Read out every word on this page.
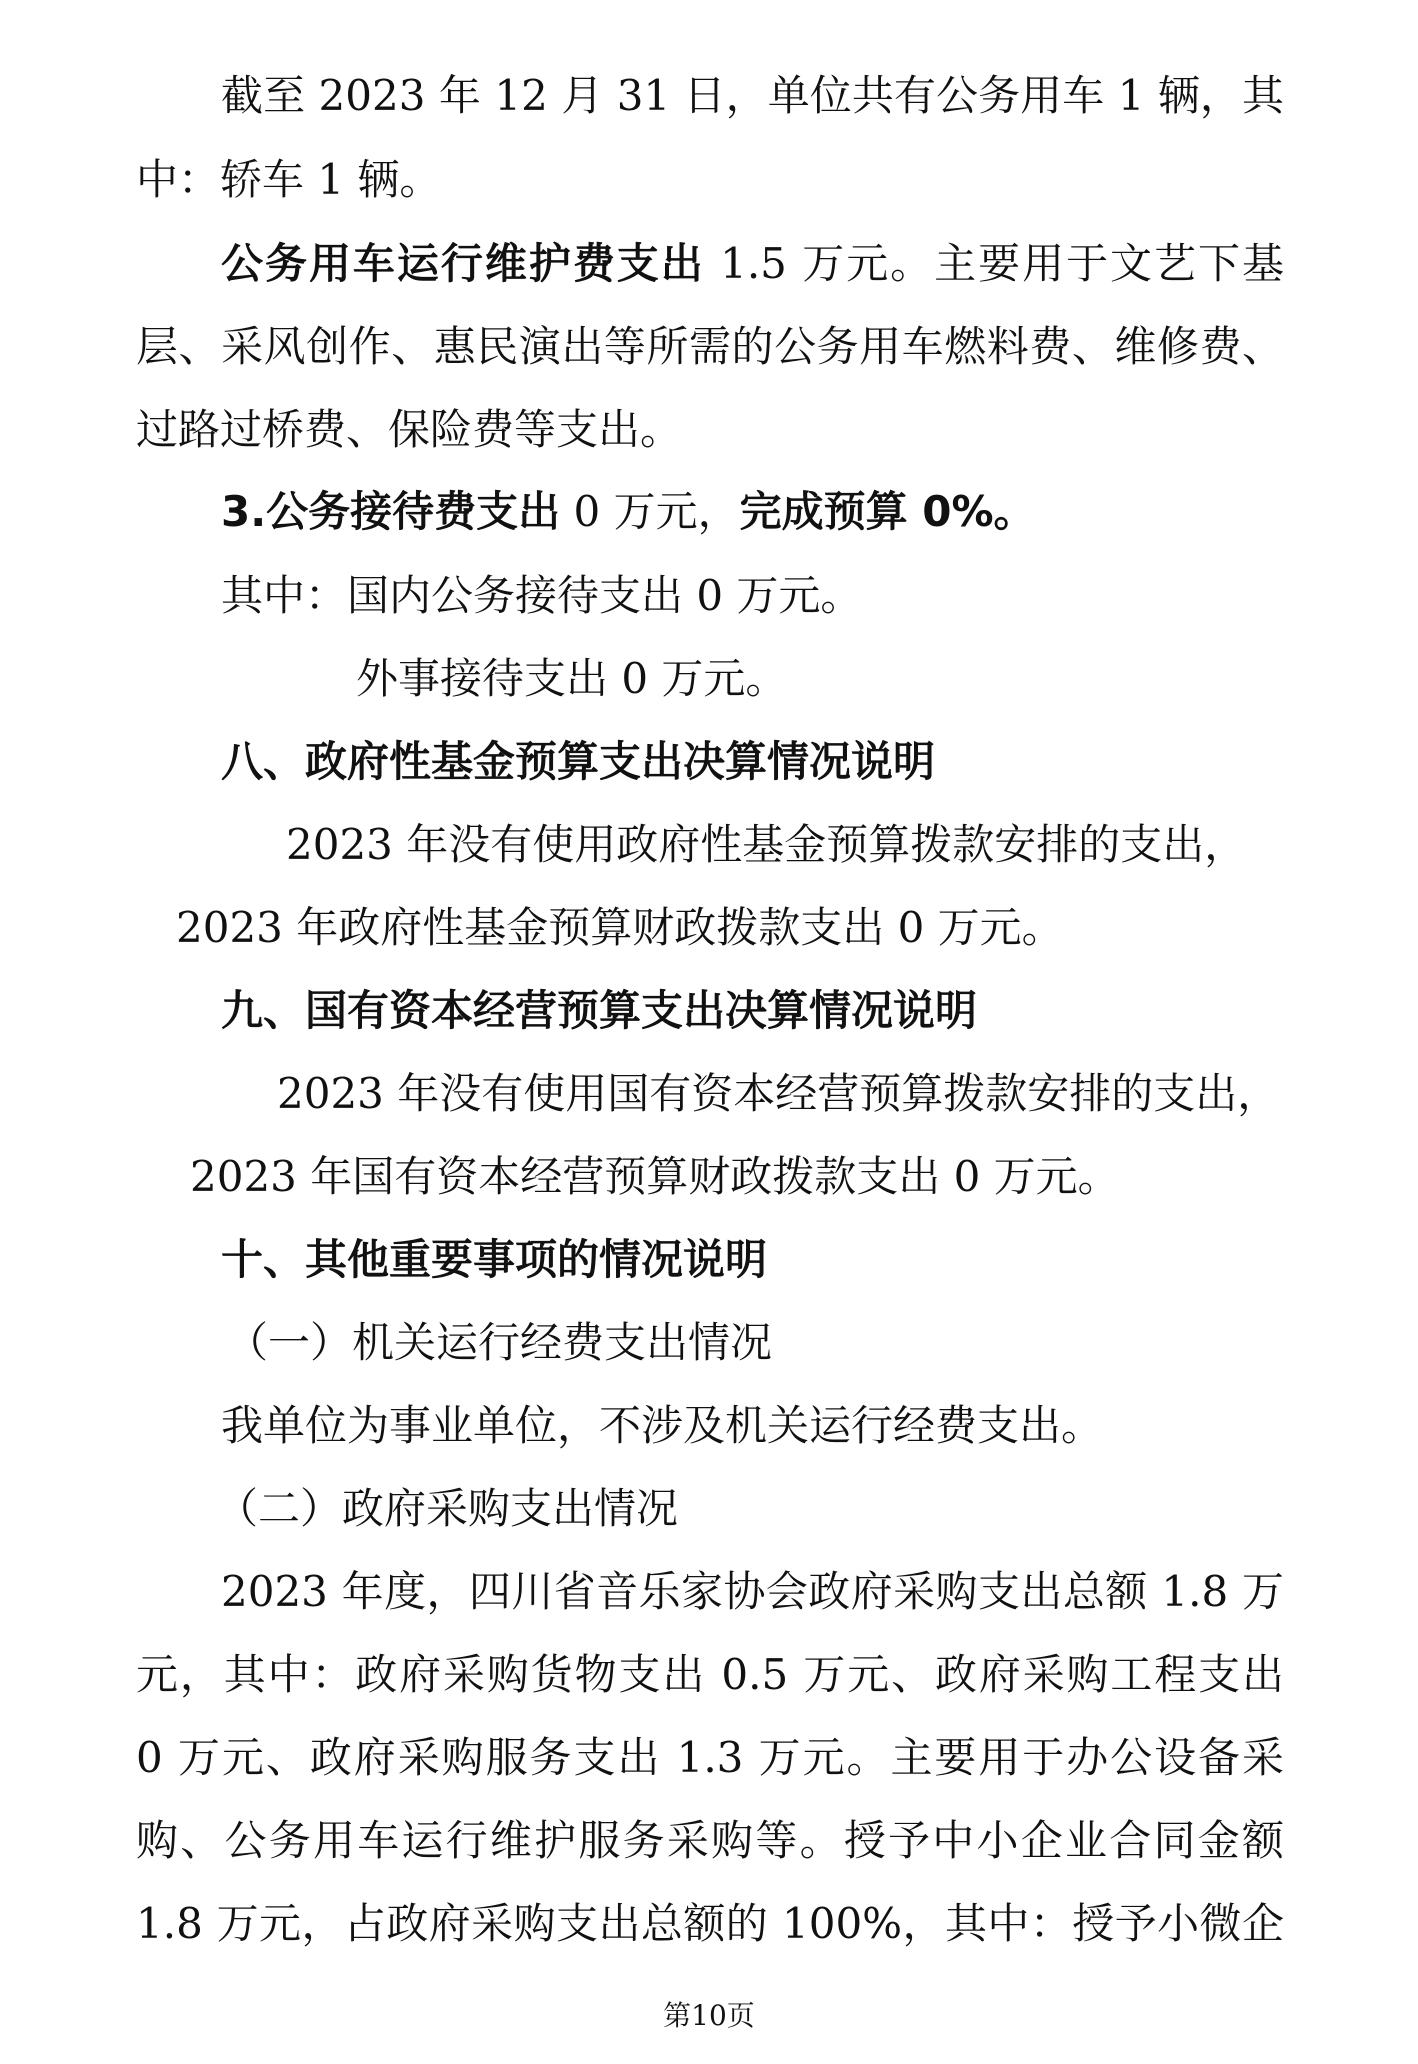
截至 2023 年 12 月 31 日，单位共有公务用车 1 辆，其
中：轿车 1 辆。
公务用车运行维护费支出 1.5 万元。主要用于文艺下基
层、采风创作、惠民演出等所需的公务用车燃料费、维修费、
过路过桥费、保险费等支出。
3.公务接待费支出 0 万元，完成预算 0%。
其中：国内公务接待支出 0 万元。
外事接待支出 0 万元。
八、政府性基金预算支出决算情况说明
2023 年没有使用政府性基金预算拨款安排的支出，
2023 年政府性基金预算财政拨款支出 0 万元。
九、国有资本经营预算支出决算情况说明
2023 年没有使用国有资本经营预算拨款安排的支出，
2023 年国有资本经营预算财政拨款支出 0 万元。
十、其他重要事项的情况说明
（一）机关运行经费支出情况
我单位为事业单位，不涉及机关运行经费支出。
（二）政府采购支出情况
2023 年度，四川省音乐家协会政府采购支出总额 1.8 万
元，其中：政府采购货物支出 0.5 万元、政府采购工程支出
0 万元、政府采购服务支出 1.3 万元。主要用于办公设备采
购、公务用车运行维护服务采购等。授予中小企业合同金额
1.8 万元，占政府采购支出总额的 100%，其中：授予小微企
第10页
